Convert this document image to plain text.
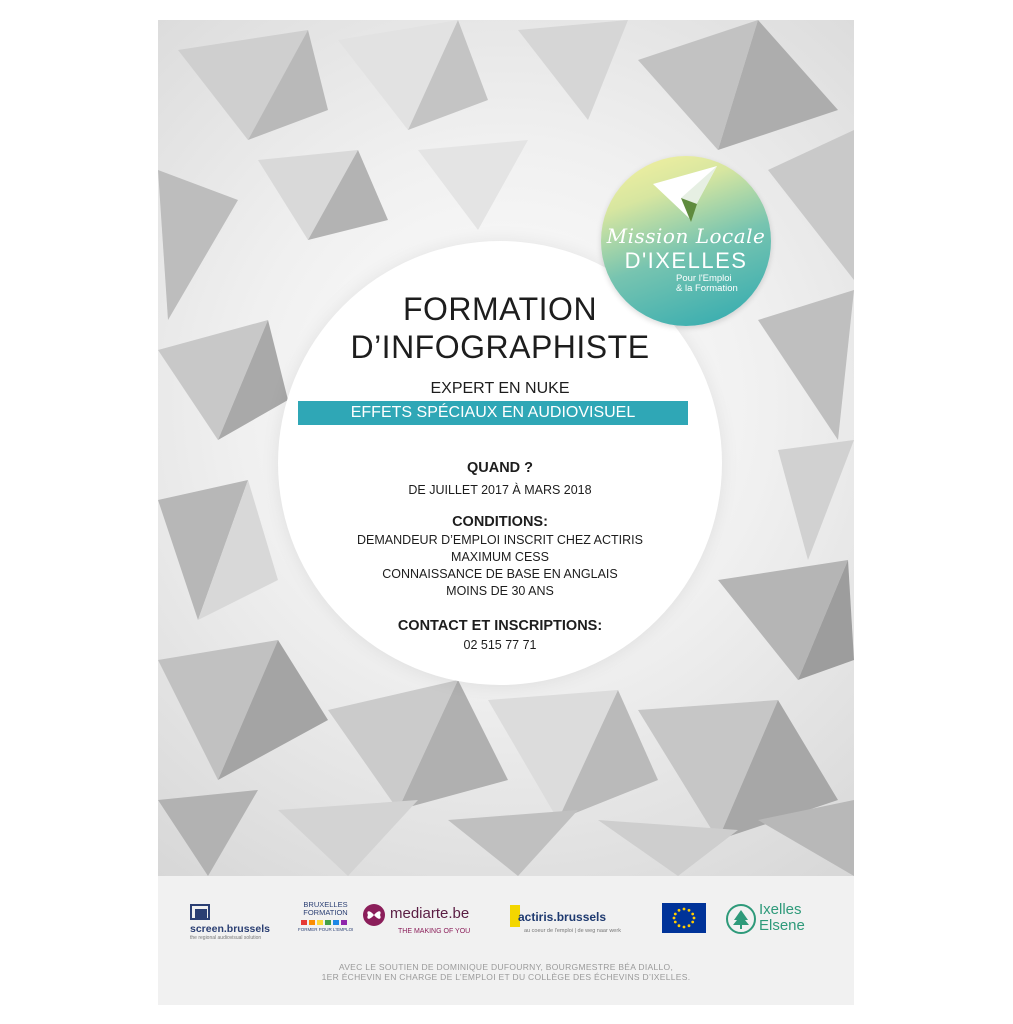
Mission Locale
D'IXELLES
Pour l'Emploi
& la Formation
FORMATION
D’INFOGRAPHISTE
EXPERT EN NUKE
EFFETS SPÉCIAUX EN AUDIOVISUEL
QUAND ?
DE JUILLET 2017 À MARS 2018
CONDITIONS:
DEMANDEUR D’EMPLOI INSCRIT CHEZ ACTIRIS
MAXIMUM CESS
CONNAISSANCE DE BASE EN ANGLAIS
MOINS DE 30 ANS
CONTACT ET INSCRIPTIONS:
02 515 77 71
screen.brussels
the regional audiovisual solution
BRUXELLES
FORMATION
FORMER POUR L'EMPLOI
mediarte.be
THE MAKING OF YOU
actiris.brussels
au coeur de l'emploi | de weg naar werk
Ixelles
Elsene
AVEC LE SOUTIEN DE DOMINIQUE DUFOURNY, BOURGMESTRE BÉA DIALLO,
1ER ÉCHEVIN EN CHARGE DE L’EMPLOI ET DU COLLÈGE DES ÉCHEVINS D’IXELLES.
